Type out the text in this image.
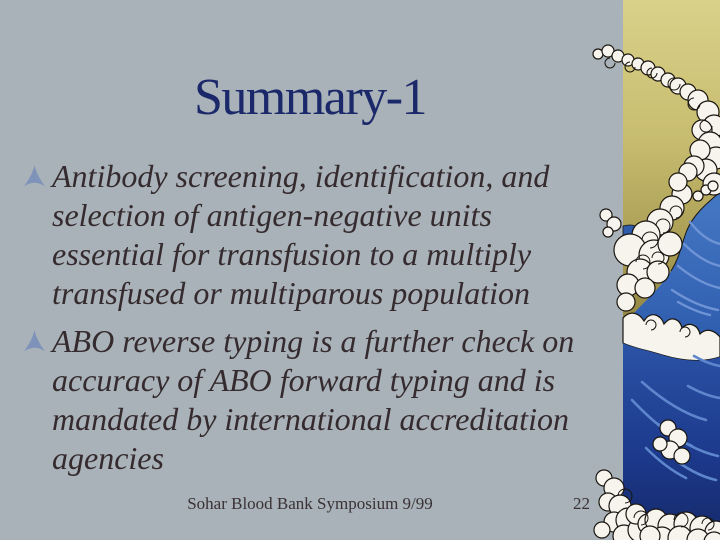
Summary-1
Antibody screening, identification, and
selection of antigen-negative units
essential for transfusion to a multiply
transfused or multiparous population
ABO reverse typing is a further check on
accuracy of ABO forward typing and is
mandated by international accreditation
agencies
Sohar Blood Bank Symposium 9/99	22
